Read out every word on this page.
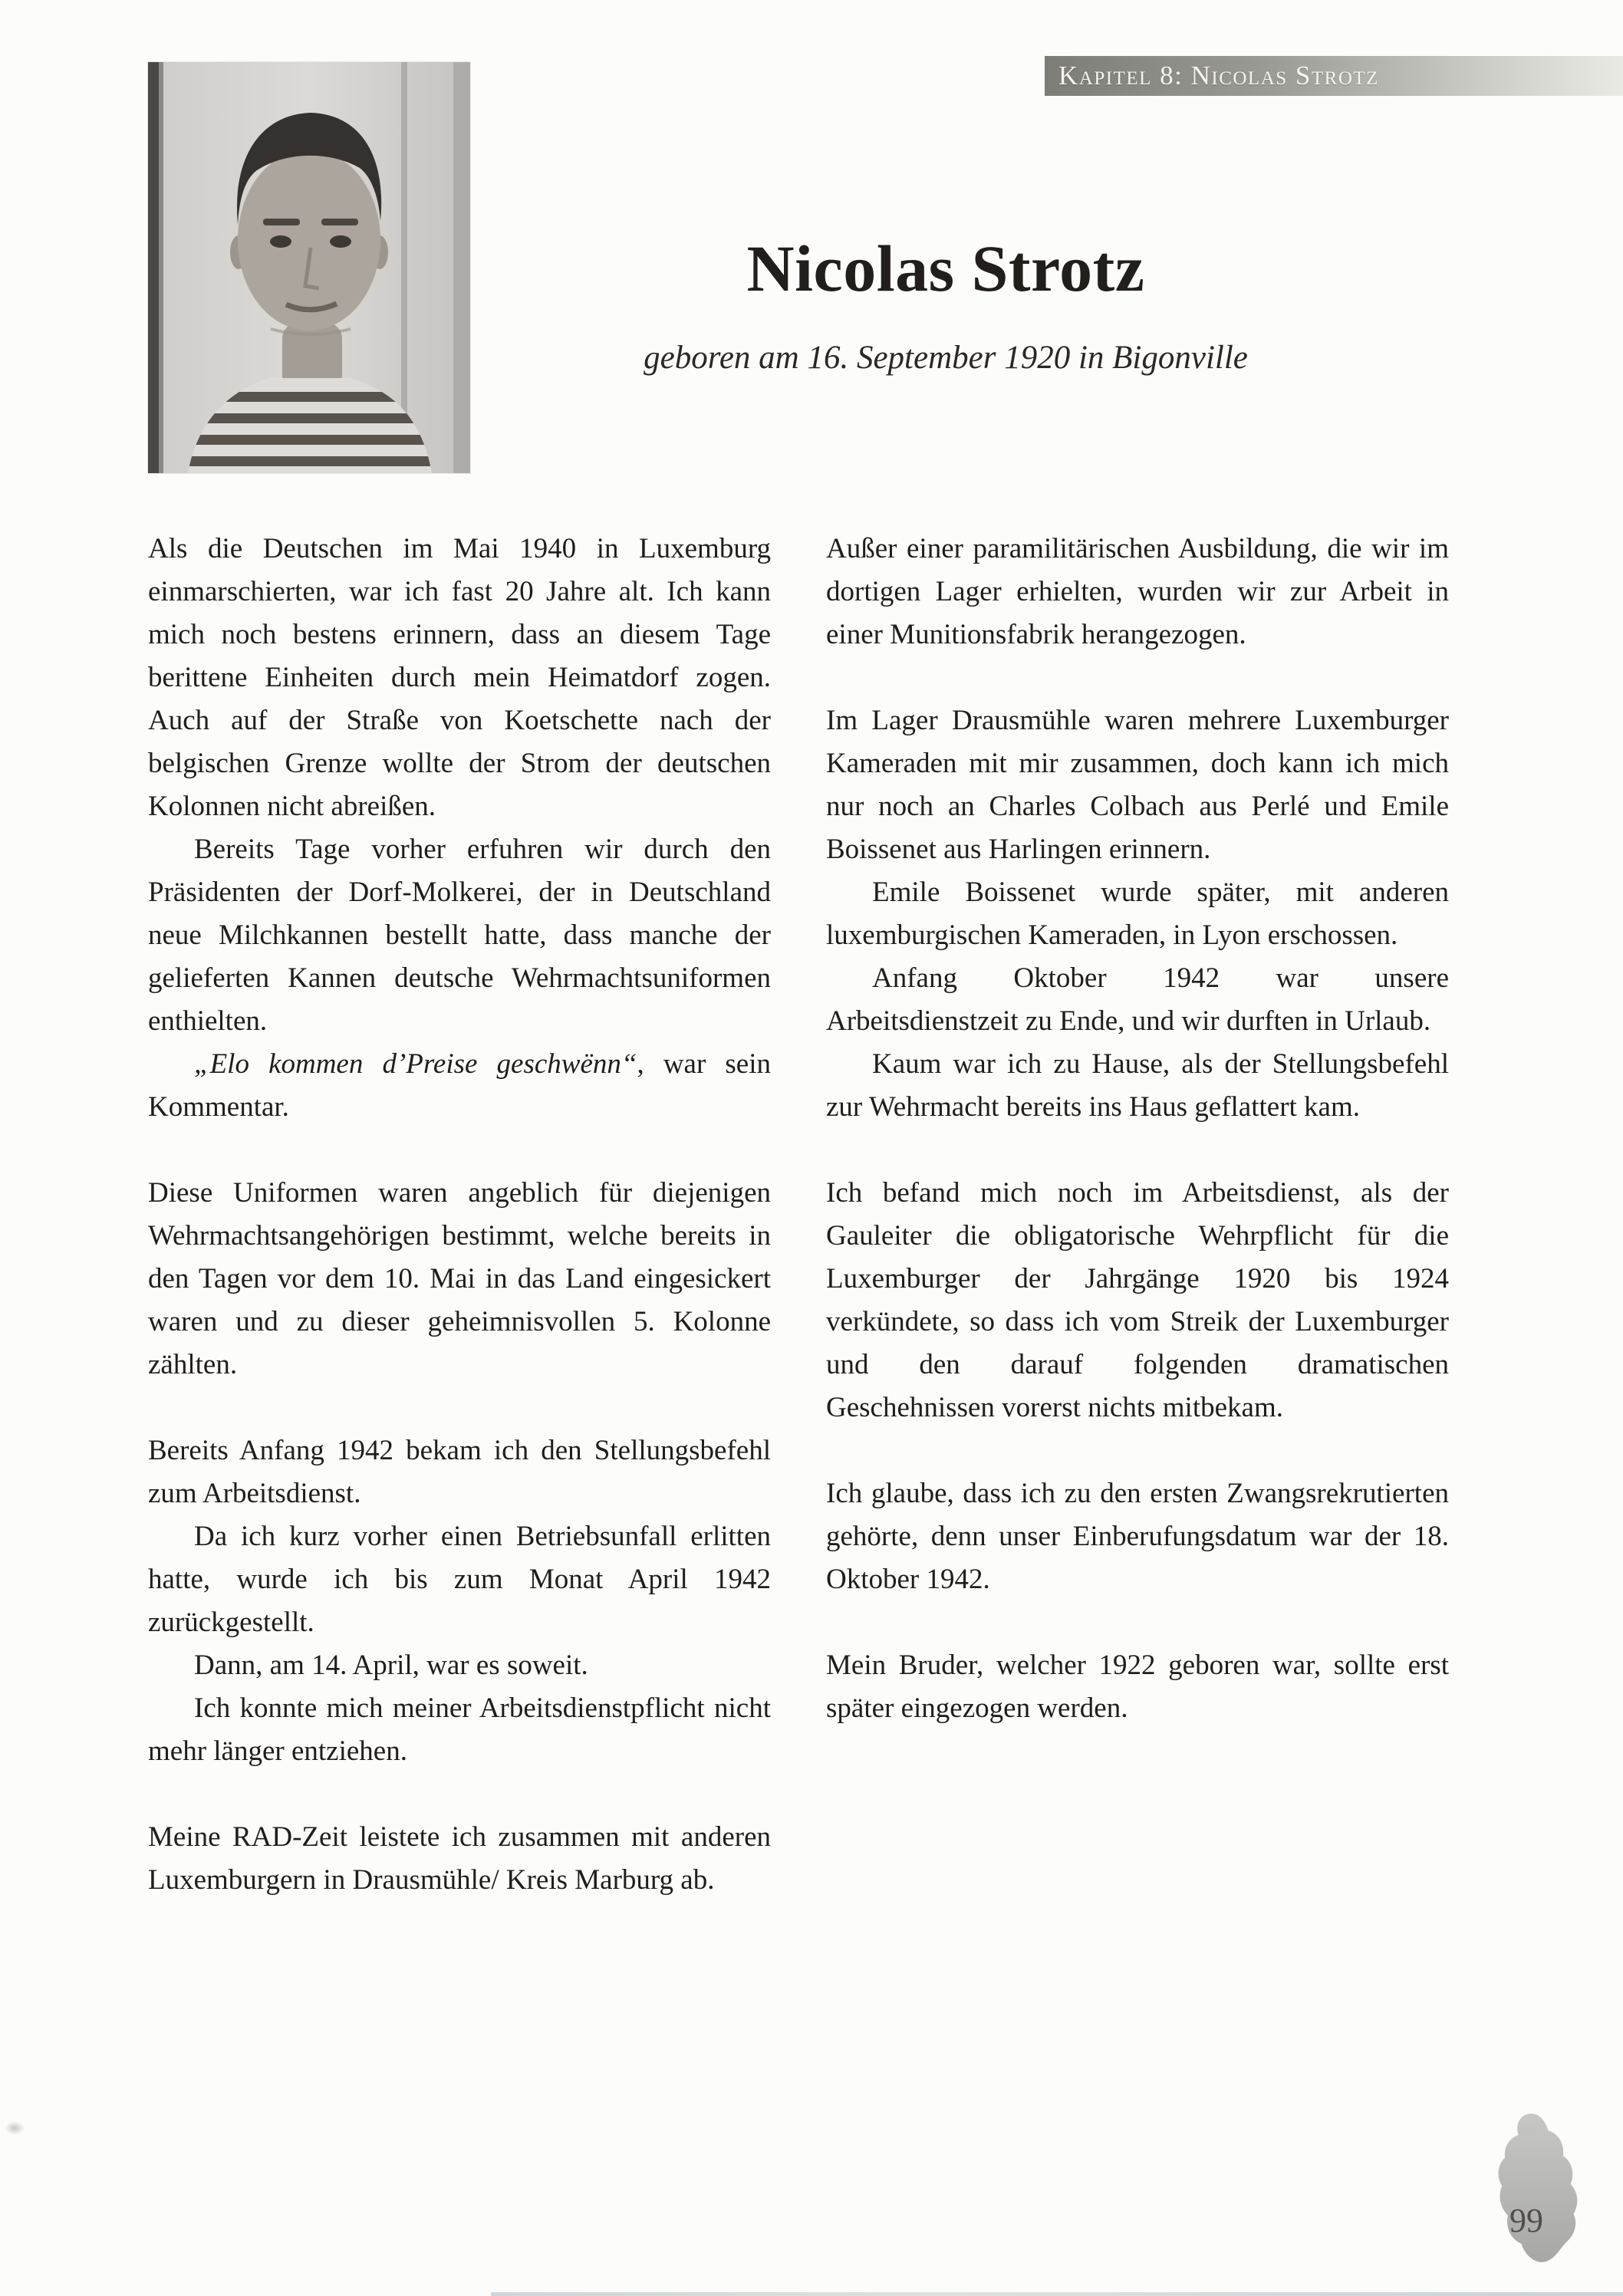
Kapitel 8: Nicolas Strotz
Nicolas Strotz
geboren am 16. September 1920 in Bigonville

Als die Deutschen im Mai 1940 in Luxemburg einmarschierten, war ich fast 20 Jahre alt. Ich kann mich noch bestens erinnern, dass an diesem Tage berittene Einheiten durch mein Heimatdorf zogen. Auch auf der Straße von Koetschette nach der belgischen Grenze wollte der Strom der deutschen Kolonnen nicht abreißen.

Bereits Tage vorher erfuhren wir durch den Präsidenten der Dorf-Molkerei, der in Deutschland neue Milchkannen bestellt hatte, dass manche der gelieferten Kannen deutsche Wehrmachtsuniformen enthielten.

„Elo kommen d’Preise geschwënn“, war sein Kommentar.

Diese Uniformen waren angeblich für diejenigen Wehrmachtsangehörigen bestimmt, welche bereits in den Tagen vor dem 10. Mai in das Land eingesickert waren und zu dieser geheimnisvollen 5. Kolonne zählten.

Bereits Anfang 1942 bekam ich den Stellungsbefehl zum Arbeitsdienst.

Da ich kurz vorher einen Betriebsunfall erlitten hatte, wurde ich bis zum Monat April 1942 zurückgestellt.

Dann, am 14. April, war es soweit.

Ich konnte mich meiner Arbeitsdienstpflicht nicht mehr länger entziehen.

Meine RAD-Zeit leistete ich zusammen mit anderen Luxemburgern in Drausmühle/ Kreis Marburg ab.

Außer einer paramilitärischen Ausbildung, die wir im dortigen Lager erhielten, wurden wir zur Arbeit in einer Munitionsfabrik herangezogen.

Im Lager Drausmühle waren mehrere Luxemburger Kameraden mit mir zusammen, doch kann ich mich nur noch an Charles Colbach aus Perlé und Emile Boissenet aus Harlingen erinnern.

Emile Boissenet wurde später, mit anderen luxemburgischen Kameraden, in Lyon erschossen.

Anfang Oktober 1942 war unsere Arbeitsdienstzeit zu Ende, und wir durften in Urlaub.

Kaum war ich zu Hause, als der Stellungsbefehl zur Wehrmacht bereits ins Haus geflattert kam.

Ich befand mich noch im Arbeitsdienst, als der Gauleiter die obligatorische Wehrpflicht für die Luxemburger der Jahrgänge 1920 bis 1924 verkündete, so dass ich vom Streik der Luxemburger und den darauf folgenden dramatischen Geschehnissen vorerst nichts mitbekam.

Ich glaube, dass ich zu den ersten Zwangsrekrutierten gehörte, denn unser Einberufungsdatum war der 18. Oktober 1942.

Mein Bruder, welcher 1922 geboren war, sollte erst später eingezogen werden.

99
